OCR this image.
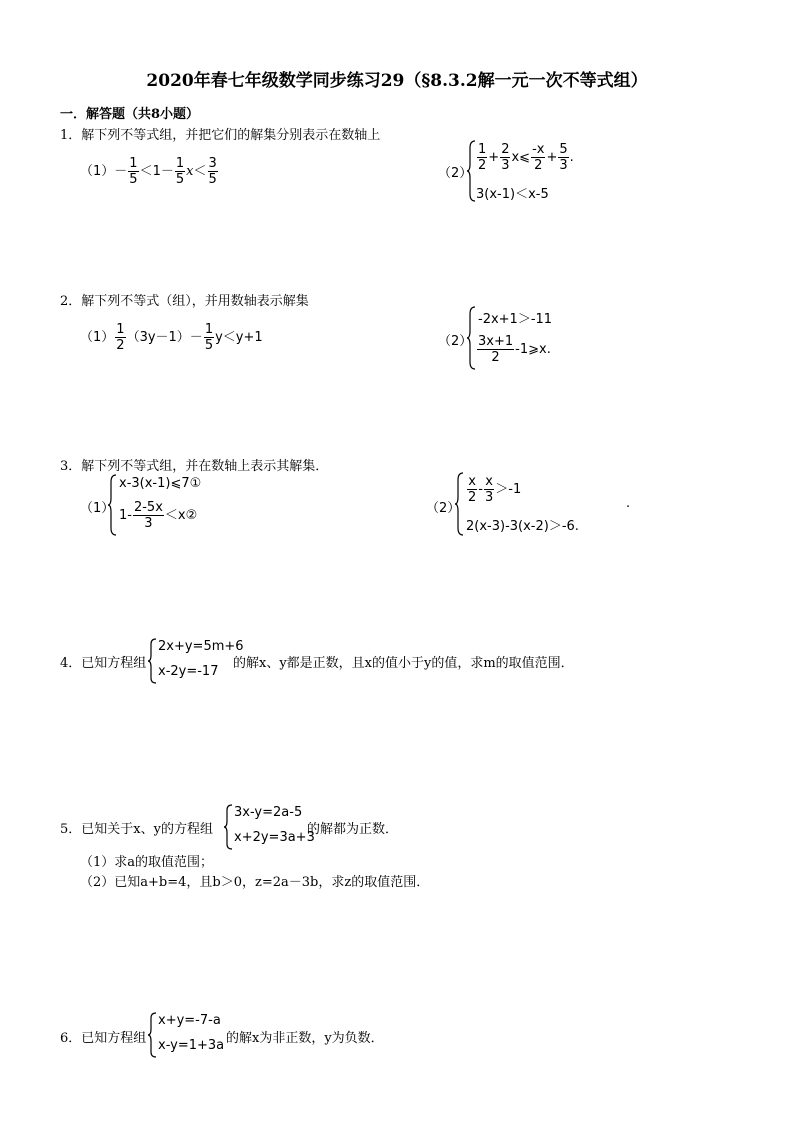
2020年春七年级数学同步练习29（§8.3.2解一元一次不等式组）
一．解答题（共8小题）
1．解下列不等式组，并把它们的解集分别表示在数轴上
$(1)- \frac{1}{5} <1- \frac{1}{5} x< \frac{3}{5}$	（2）
$\frac{1}{2} + \frac{2}{3}$ x⩽ $\frac{-x}{2} + \frac{5}{3}$ .
3(x-1)＜x-5
2．解下列不等式（组），并用数轴表示解集
$(1) \frac{1}{2} (3y-1)- \frac{1}{5} y<y+1$	（2）
-2x+1＞-11
$\frac{3x+1}{2}$ -1⩾x.
3．解下列不等式组，并在数轴上表示其解集．
（1）
x-3(x-1)⩽7①
$1- \frac{2-5x}{3}$ ＜x②	（2）
$\frac{x}{2} - \frac{x}{3} >-1$
2(x-3)-3(x-2)＞-6.
.
4．已知方程组
2x+y=5m+6
x-2y=-17
的解x、y都是正数，且x的值小于y的值，求m的取值范围．
5．已知关于x、y的方程组
3x-y=2a-5
x+2y=3a+3
的解都为正数．
（1）求a的取值范围；
（2）已知a+b=4，且b＞0，z=2a－3b，求z的取值范围．
6．已知方程组
x+y=-7-a
x-y=1+3a 的解x为非正数，y为负数．
